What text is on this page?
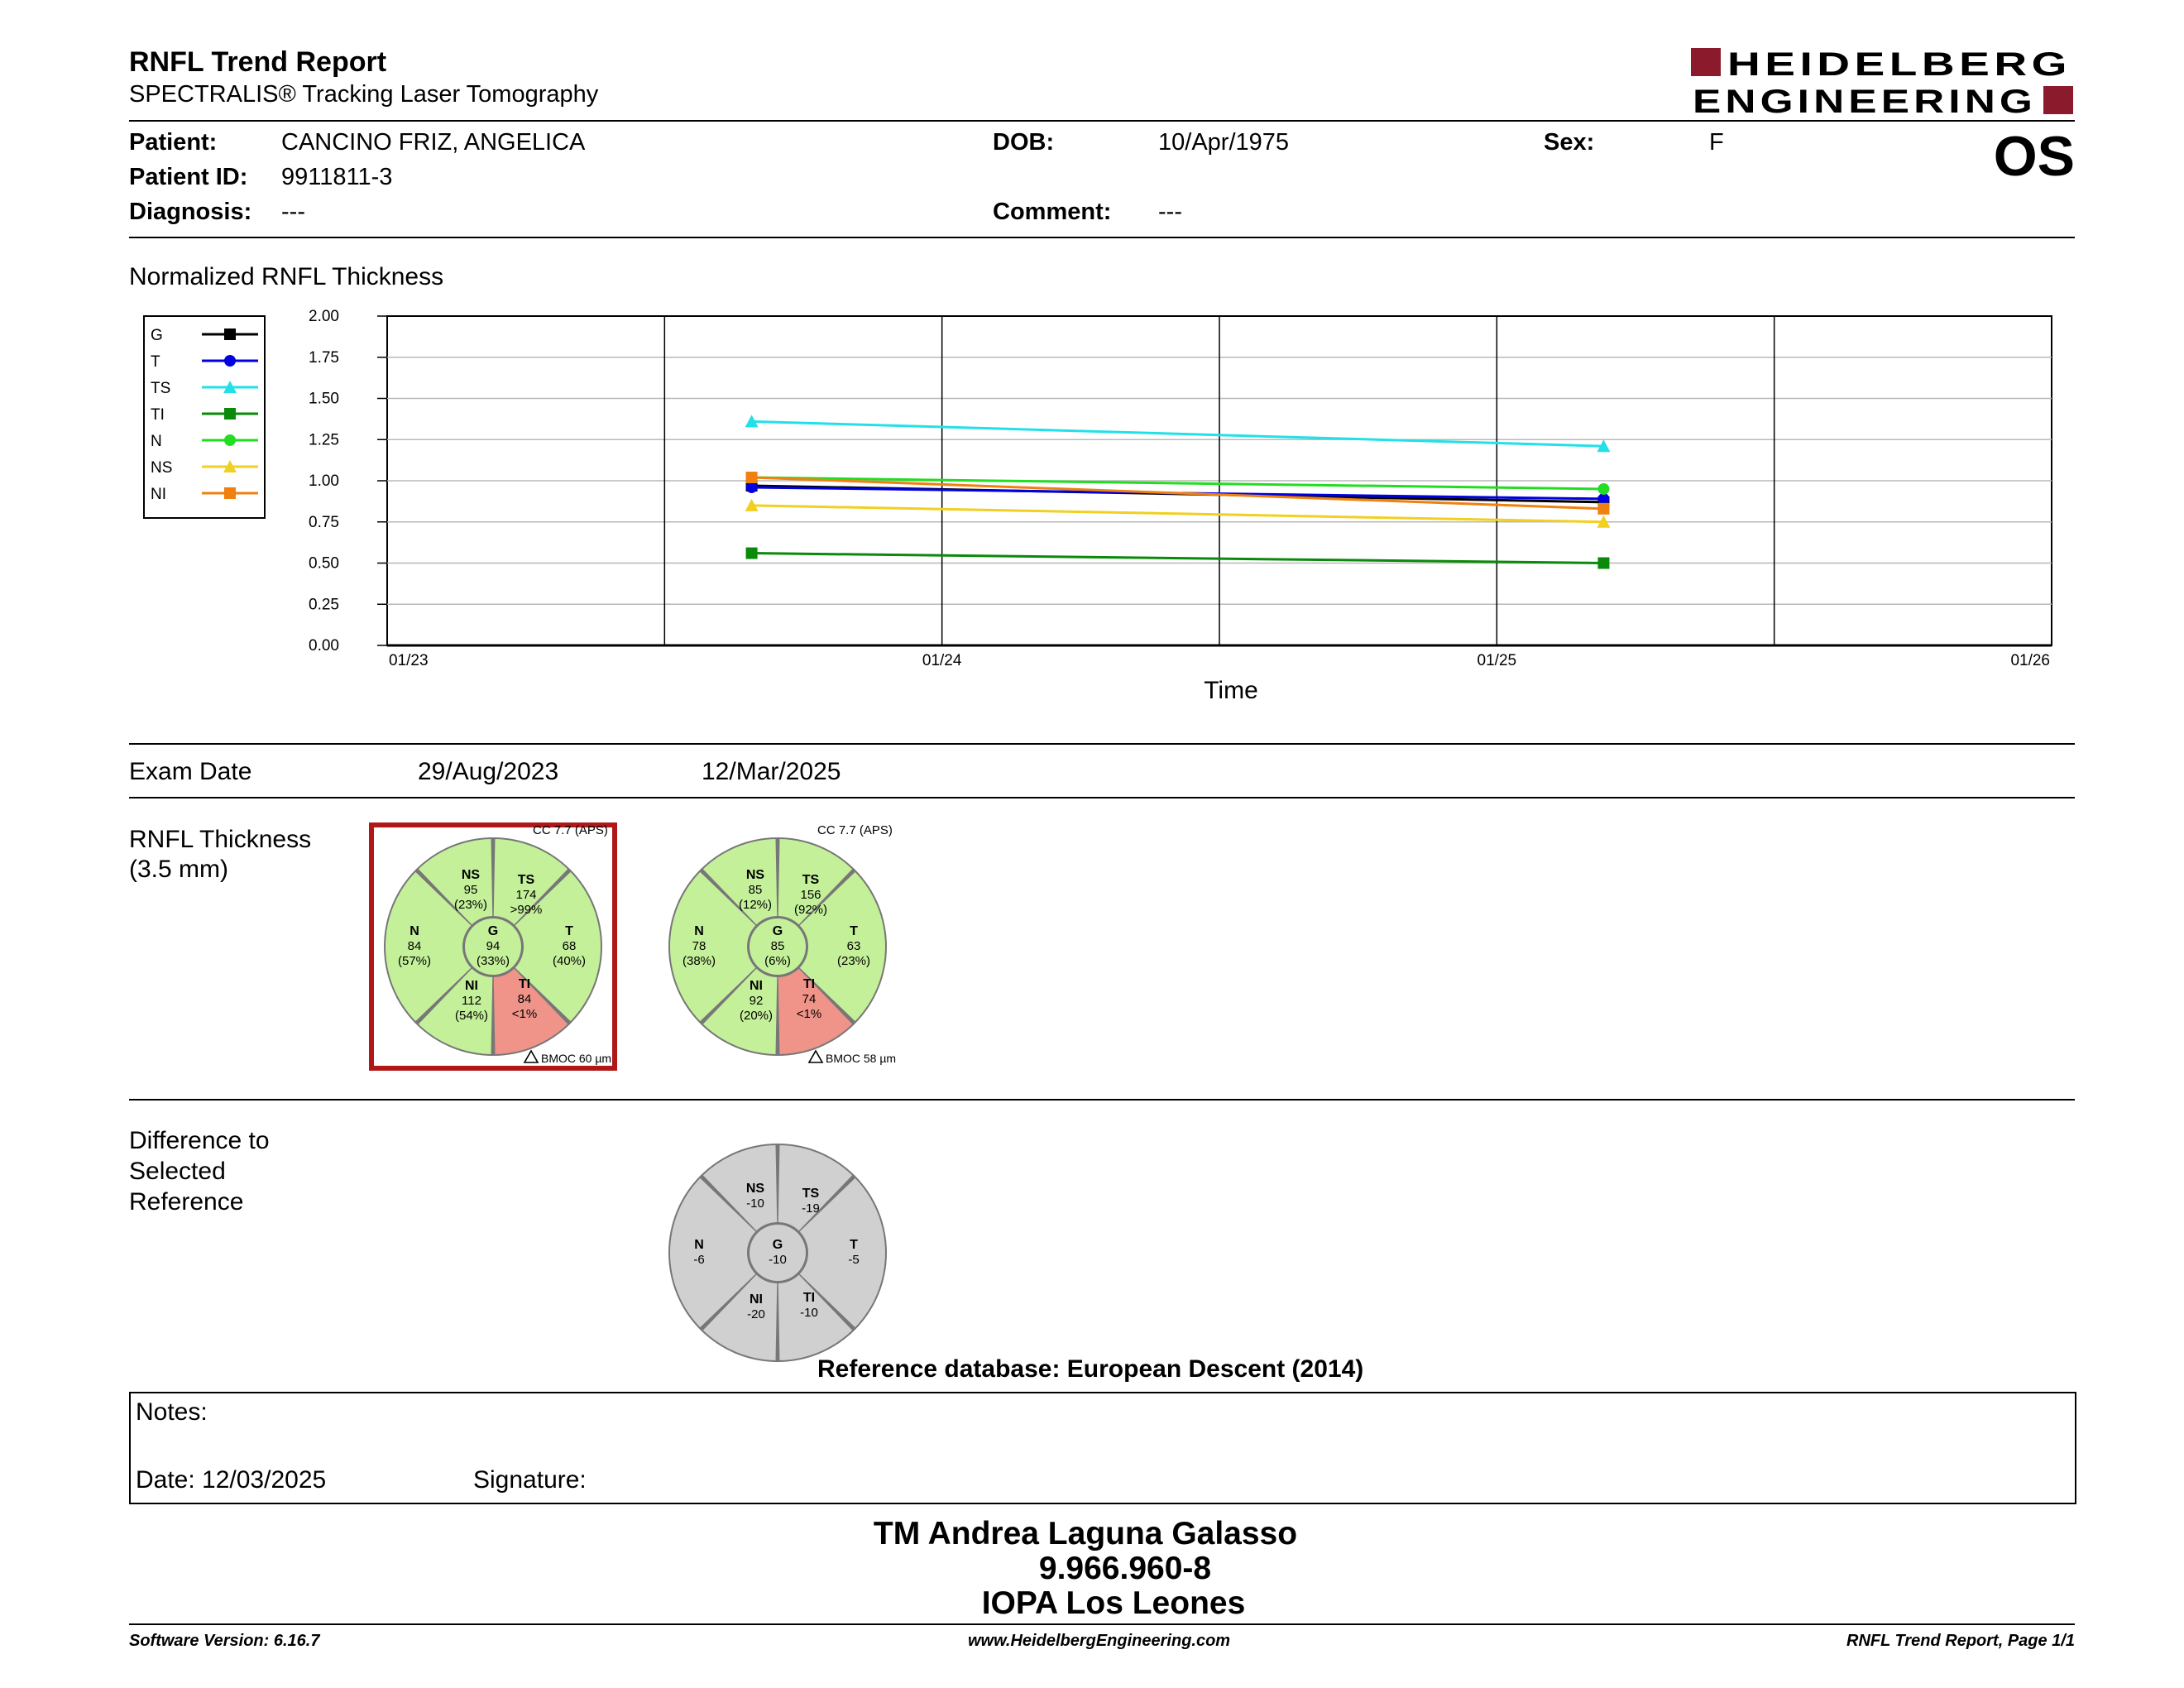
RNFL Trend Report
SPECTRALIS® Tracking Laser Tomography
HEIDELBERG
ENGINEERING
Patient:	CANCINO FRIZ, ANGELICA
Patient ID: 9911811-3
Diagnosis: ---
DOB:	10/Apr/1975
Comment: ---
Sex:	F	OS
Normalized RNFL Thickness
G
T
TS
TI
N
NS
NI
0.00
0.25
0.50
0.75
1.00
1.25
1.50
1.75
2.00
01/23	01/24	01/25	01/26
Time
Exam Date	29/Aug/2023	12/Mar/2025
RNFL Thickness
(3.5 mm)	TS
174
>99%
T
68
(40%)
TI
84
<1%
NI
112
(54%)
N
84
(57%)
NS
95
(23%)
G
94
(33%)
CC 7.7 (APS)
BMOC 60 µm
TS
156
(92%)
T
63
(23%)
TI
74
<1%
NI
92
(20%)
N
78
(38%)
NS
85
(12%)
G
85
(6%)
CC 7.7 (APS)
BMOC 58 µm
Difference to
Selected
Reference	TS
-19
T
-5
TI
-10
NI
-20
N
-6
NS
-10
G
-10
Reference database: European Descent (2014)
Notes:
Date: 12/03/2025	Signature:
TM Andrea Laguna Galasso
9.966.960-8
IOPA Los Leones
Software Version: 6.16.7	www.HeidelbergEngineering.com	RNFL Trend Report, Page 1/1
